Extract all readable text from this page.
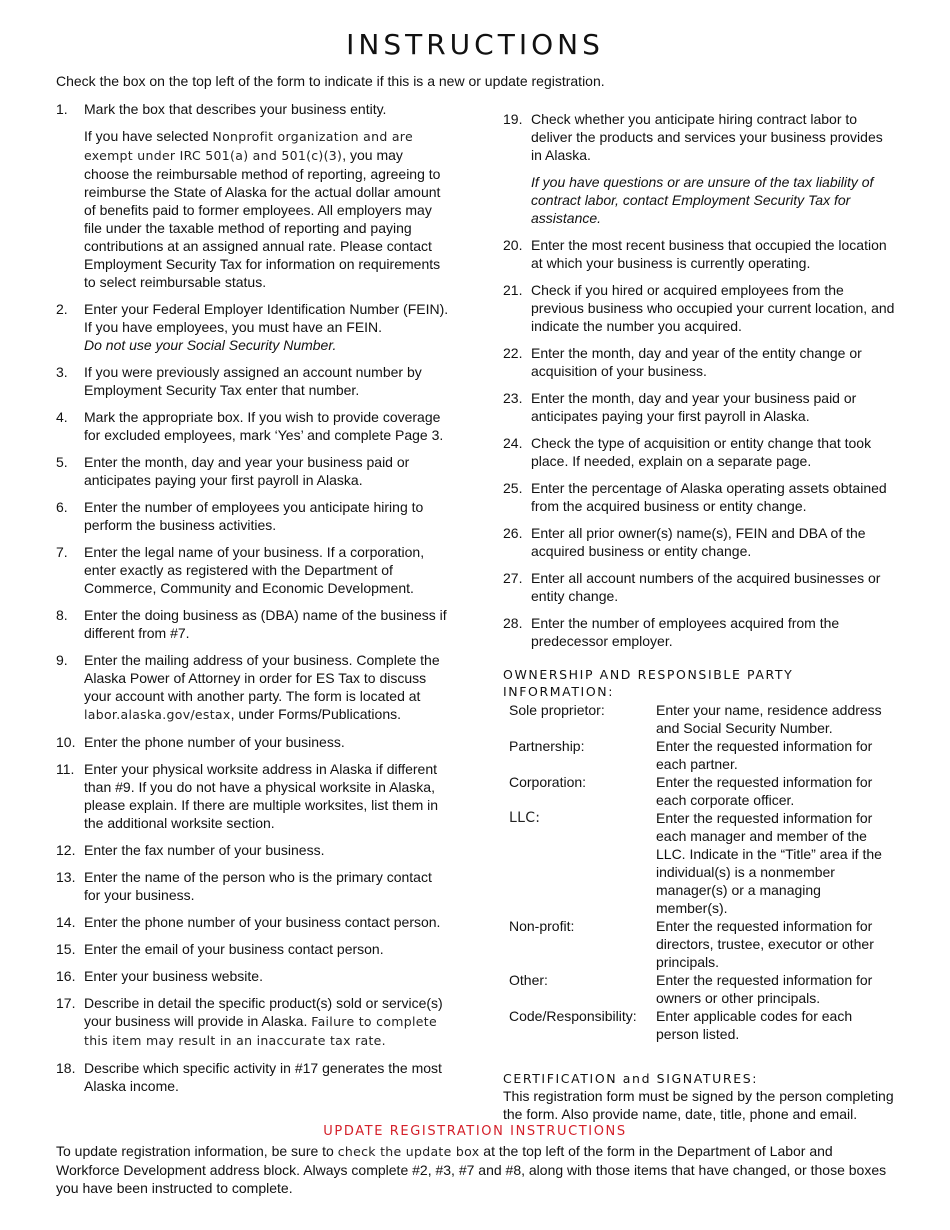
INSTRUCTIONS

Check the box on the top left of the form to indicate if this is a new or update registration.

1.	Mark the box that describes your business entity.
If you have selected Nonprofit organization and are exempt under IRC 501(a) and 501(c)(3), you may choose the reimbursable method of reporting, agreeing to reimburse the State of Alaska for the actual dollar amount of benefits paid to former employees. All employers may file under the taxable method of reporting and paying contributions at an assigned annual rate. Please contact Employment Security Tax for information on requirements to select reimbursable status.
2.	Enter your Federal Employer Identification Number (FEIN). If you have employees, you must have an FEIN.
Do not use your Social Security Number.
3.	If you were previously assigned an account number by Employment Security Tax enter that number.
4.	Mark the appropriate box. If you wish to provide coverage for excluded employees, mark ‘Yes’ and complete Page 3.
5.	Enter the month, day and year your business paid or anticipates paying your first payroll in Alaska.
6.	Enter the number of employees you anticipate hiring to perform the business activities.
7.	Enter the legal name of your business. If a corporation, enter exactly as registered with the Department of Commerce, Community and Economic Development.
8.	Enter the doing business as (DBA) name of the business if different from #7.
9.	Enter the mailing address of your business. Complete the Alaska Power of Attorney in order for ES Tax to discuss your account with another party. The form is located at labor.alaska.gov/estax, under Forms/Publications.
10. Enter the phone number of your business.
11. Enter your physical worksite address in Alaska if different than #9. If you do not have a physical worksite in Alaska, please explain. If there are multiple worksites, list them in the additional worksite section.
12. Enter the fax number of your business.
13. Enter the name of the person who is the primary contact for your business.
14. Enter the phone number of your business contact person.
15. Enter the email of your business contact person.
16. Enter your business website.
17. Describe in detail the specific product(s) sold or service(s) your business will provide in Alaska. Failure to complete this item may result in an inaccurate tax rate.
18. Describe which specific activity in #17 generates the most Alaska income.
19. Check whether you anticipate hiring contract labor to deliver the products and services your business provides in Alaska.
If you have questions or are unsure of the tax liability of contract labor, contact Employment Security Tax for assistance.
20. Enter the most recent business that occupied the location at which your business is currently operating.
21. Check if you hired or acquired employees from the previous business who occupied your current location, and indicate the number you acquired.
22. Enter the month, day and year of the entity change or acquisition of your business.
23. Enter the month, day and year your business paid or anticipates paying your first payroll in Alaska.
24. Check the type of acquisition or entity change that took place. If needed, explain on a separate page.
25. Enter the percentage of Alaska operating assets obtained from the acquired business or entity change.
26. Enter all prior owner(s) name(s), FEIN and DBA of the acquired business or entity change.
27. Enter all account numbers of the acquired businesses or entity change.
28. Enter the number of employees acquired from the predecessor employer.

OWNERSHIP AND RESPONSIBLE PARTY INFORMATION:

Sole proprietor:	Enter your name, residence address and Social Security Number.
Partnership:	Enter the requested information for each partner.
Corporation:	Enter the requested information for each corporate officer.
LLC:	Enter the requested information for each manager and member of the LLC. Indicate in the “Title” area if the individual(s) is a nonmember manager(s) or a managing member(s).
Non-profit:	Enter the requested information for directors, trustee, executor or other principals.
Other:	Enter the requested information for owners or other principals.
Code/Responsibility:	Enter applicable codes for each person listed.

CERTIFICATION and SIGNATURES:

This registration form must be signed by the person completing the form. Also provide name, date, title, phone and email.

UPDATE REGISTRATION INSTRUCTIONS

To update registration information, be sure to check the update box at the top left of the form in the Department of Labor and Workforce Development address block. Always complete #2, #3, #7 and #8, along with those items that have changed, or those boxes you have been instructed to complete.
